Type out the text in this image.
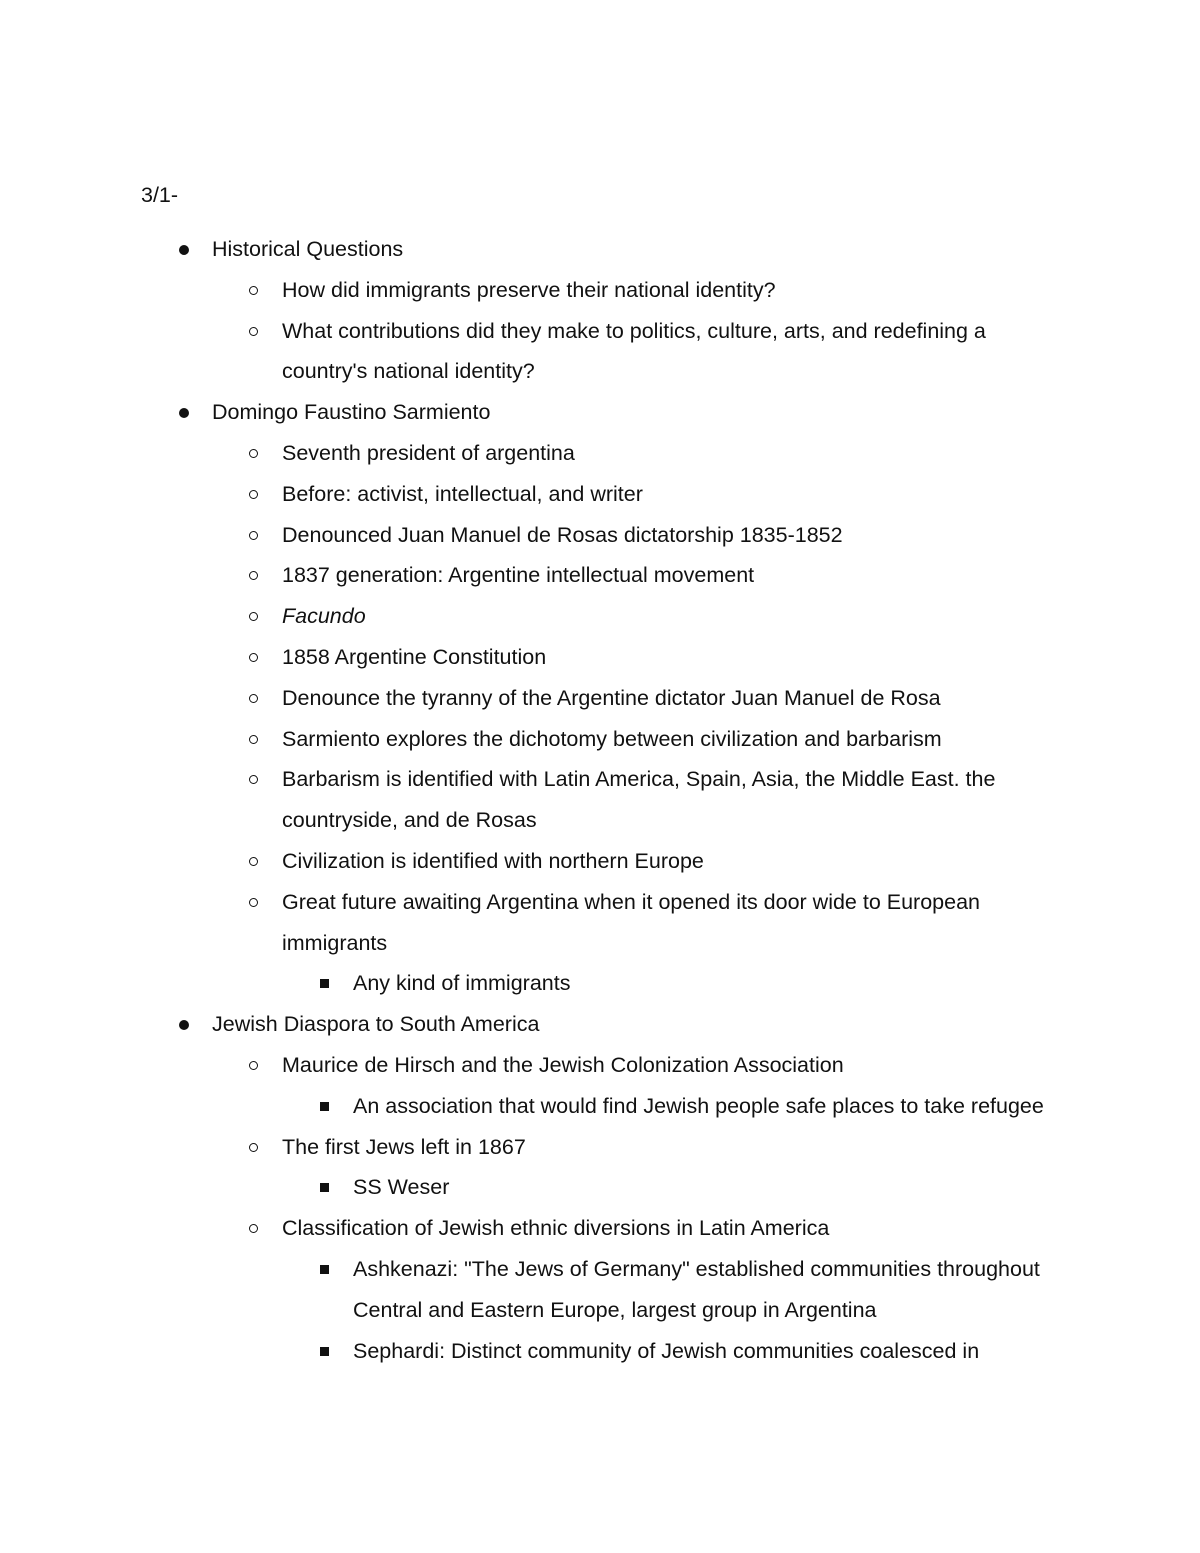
3/1-
Historical Questions
How did immigrants preserve their national identity?
What contributions did they make to politics, culture, arts, and redefining a country's national identity?
Domingo Faustino Sarmiento
Seventh president of argentina
Before: activist, intellectual, and writer
Denounced Juan Manuel de Rosas dictatorship 1835-1852
1837 generation: Argentine intellectual movement
Facundo
1858 Argentine Constitution
Denounce the tyranny of the Argentine dictator Juan Manuel de Rosa
Sarmiento explores the dichotomy between civilization and barbarism
Barbarism is identified with Latin America, Spain, Asia, the Middle East. the countryside, and de Rosas
Civilization is identified with northern Europe
Great future awaiting Argentina when it opened its door wide to European immigrants
Any kind of immigrants
Jewish Diaspora to South America
Maurice de Hirsch and the Jewish Colonization Association
An association that would find Jewish people safe places to take refugee
The first Jews left in 1867
SS Weser
Classification of Jewish ethnic diversions in Latin America
Ashkenazi: "The Jews of Germany" established communities throughout Central and Eastern Europe, largest group in Argentina
Sephardi: Distinct community of Jewish communities coalesced in
